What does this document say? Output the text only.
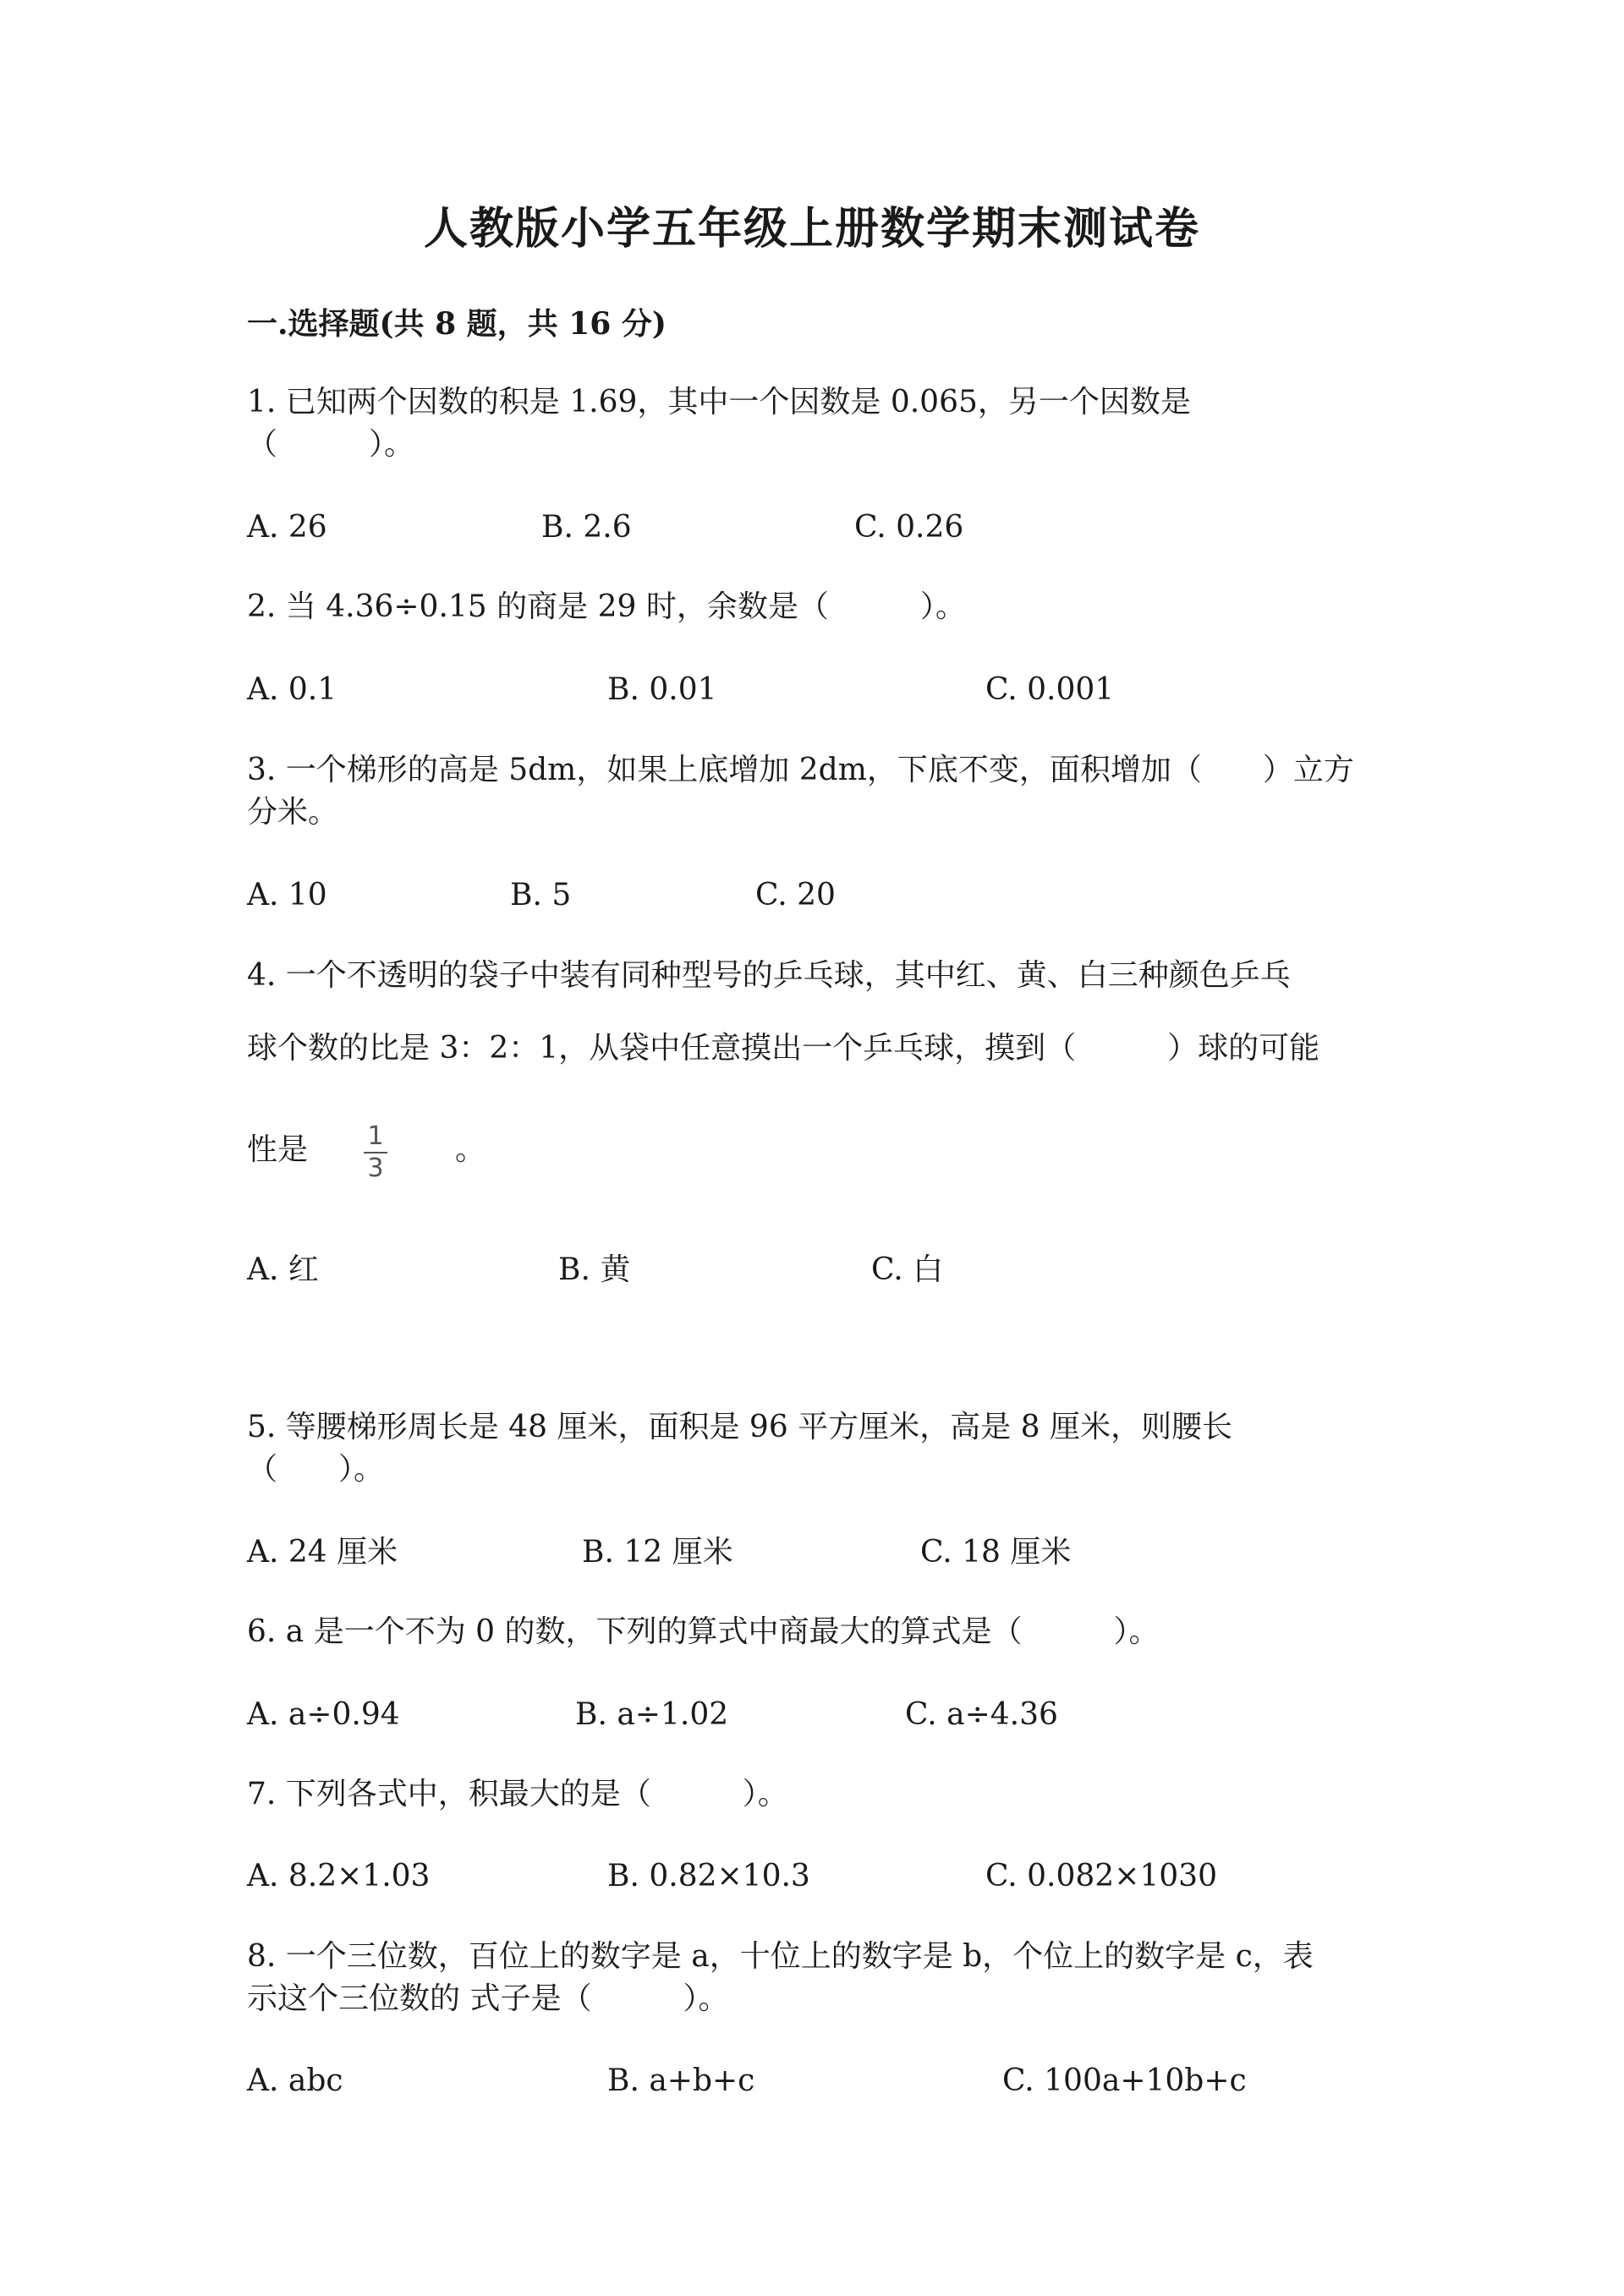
人教版小学五年级上册数学期末测试卷

一.选择题(共 8 题，共 16 分)

1. 已知两个因数的积是 1.69，其中一个因数是 0.065，另一个因数是

（　　　）。

A. 26	B. 2.6	C. 0.26

2. 当 4.36÷0.15 的商是 29 时，余数是（　　　）。

A. 0.1	B. 0.01	C. 0.001

3. 一个梯形的高是 5dm，如果上底增加 2dm，下底不变，面积增加（　　）立方

分米。

A. 10	B. 5	C. 20

4. 一个不透明的袋子中装有同种型号的乒乓球，其中红、黄、白三种颜色乒乓

球个数的比是 3：2：1，从袋中任意摸出一个乒乓球，摸到（　　　）球的可能

性是	1
3

。

A. 红	B. 黄	C. 白

5. 等腰梯形周长是 48 厘米，面积是 96 平方厘米，高是 8 厘米，则腰长

（　　）。

A. 24 厘米	B. 12 厘米	C. 18 厘米

6. a 是一个不为 0 的数，下列的算式中商最大的算式是（　　　）。

A. a÷0.94	B. a÷1.02	C. a÷4.36

7. 下列各式中，积最大的是（　　　）。

A. 8.2×1.03	B. 0.82×10.3	C. 0.082×1030

8. 一个三位数，百位上的数字是 a，十位上的数字是 b，个位上的数字是 c，表

示这个三位数的 式子是（　　　）。

A. abc	B. a+b+c	C. 100a+10b+c
